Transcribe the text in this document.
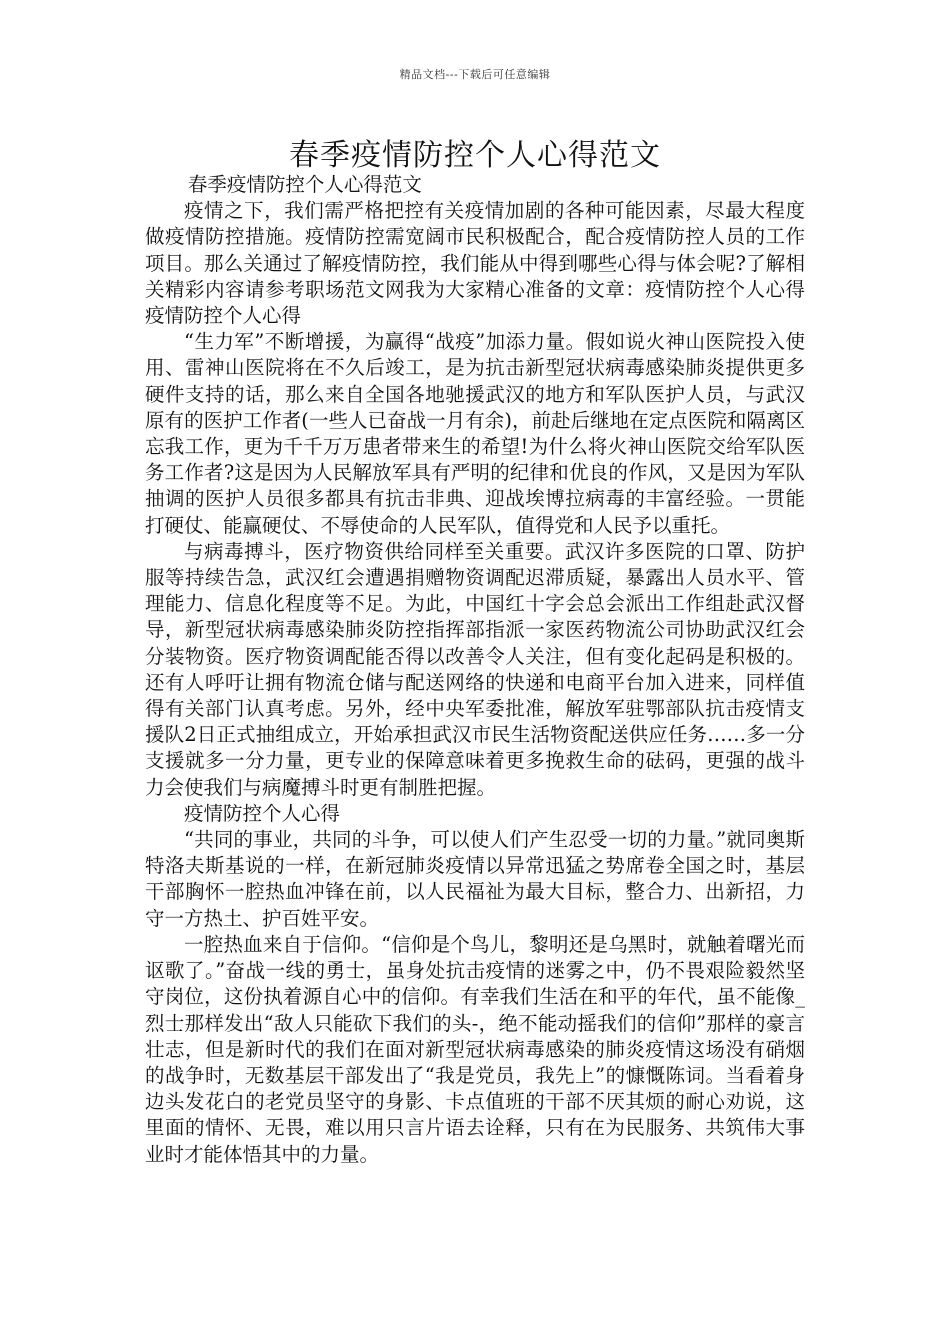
精品文档---下载后可任意编辑
春季疫情防控个人心得范文

春季疫情防控个人心得范文

疫情之下，我们需严格把控有关疫情加剧的各种可能因素，尽最大程度做疫情防控措施。疫情防控需宽阔市民积极配合，配合疫情防控人员的工作项目。那么关通过了解疫情防控，我们能从中得到哪些心得与体会呢?了解相关精彩内容请参考职场范文网我为大家精心准备的文章：疫情防控个人心得疫情防控个人心得

“生力军”不断增援，为赢得“战疫”加添力量。假如说火神山医院投入使用、雷神山医院将在不久后竣工，是为抗击新型冠状病毒感染肺炎提供更多硬件支持的话，那么来自全国各地驰援武汉的地方和军队医护人员，与武汉原有的医护工作者(一些人已奋战一月有余)，前赴后继地在定点医院和隔离区忘我工作，更为千千万万患者带来生的希望!为什么将火神山医院交给军队医务工作者?这是因为人民解放军具有严明的纪律和优良的作风，又是因为军队抽调的医护人员很多都具有抗击非典、迎战埃博拉病毒的丰富经验。一贯能打硬仗、能赢硬仗、不辱使命的人民军队，值得党和人民予以重托。

与病毒搏斗，医疗物资供给同样至关重要。武汉许多医院的口罩、防护服等持续告急，武汉红会遭遇捐赠物资调配迟滞质疑，暴露出人员水平、管理能力、信息化程度等不足。为此，中国红十字会总会派出工作组赴武汉督导，新型冠状病毒感染肺炎防控指挥部指派一家医药物流公司协助武汉红会分装物资。医疗物资调配能否得以改善令人关注，但有变化起码是积极的。还有人呼吁让拥有物流仓储与配送网络的快递和电商平台加入进来，同样值得有关部门认真考虑。另外，经中央军委批准，解放军驻鄂部队抗击疫情支援队2日正式抽组成立，开始承担武汉市民生活物资配送供应任务……多一分支援就多一分力量，更专业的保障意味着更多挽救生命的砝码，更强的战斗力会使我们与病魔搏斗时更有制胜把握。

疫情防控个人心得

“共同的事业，共同的斗争，可以使人们产生忍受一切的力量。”就同奥斯特洛夫斯基说的一样，在新冠肺炎疫情以异常迅猛之势席卷全国之时，基层干部胸怀一腔热血冲锋在前，以人民福祉为最大目标，整合力、出新招，力守一方热土、护百姓平安。

一腔热血来自于信仰。“信仰是个鸟儿，黎明还是乌黑时，就触着曙光而讴歌了。”奋战一线的勇士，虽身处抗击疫情的迷雾之中，仍不畏艰险毅然坚守岗位，这份执着源自心中的信仰。有幸我们生活在和平的年代，虽不能像_烈士那样发出“敌人只能砍下我们的头-，绝不能动摇我们的信仰”那样的豪言壮志，但是新时代的我们在面对新型冠状病毒感染的肺炎疫情这场没有硝烟的战争时，无数基层干部发出了“我是党员，我先上”的慷慨陈词。当看着身边头发花白的老党员坚守的身影、卡点值班的干部不厌其烦的耐心劝说，这里面的情怀、无畏，难以用只言片语去诠释，只有在为民服务、共筑伟大事业时才能体悟其中的力量。
